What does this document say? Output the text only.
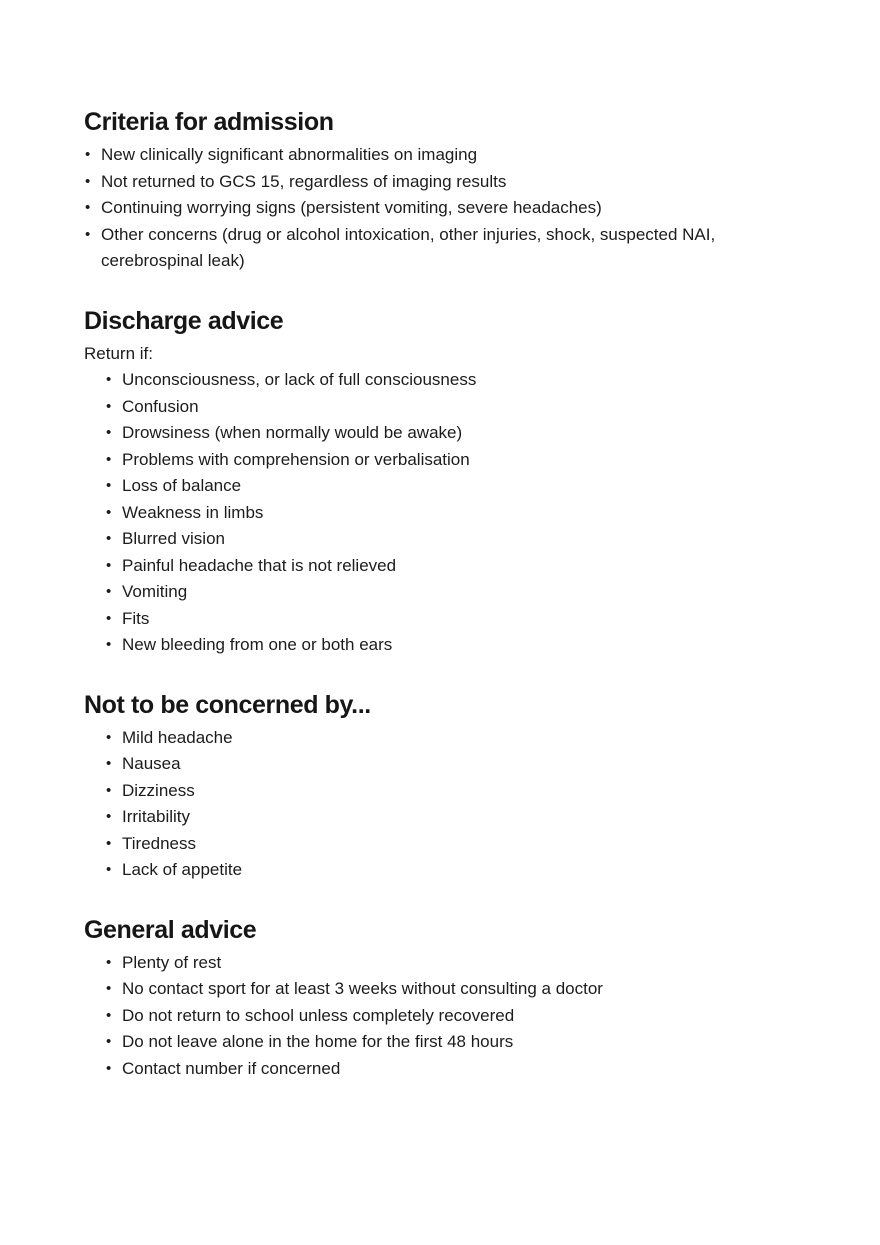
Criteria for admission
• New clinically significant abnormalities on imaging
• Not returned to GCS 15, regardless of imaging results
• Continuing worrying signs (persistent vomiting, severe headaches)
• Other concerns (drug or alcohol intoxication, other injuries, shock, suspected NAI, cerebrospinal leak)
Discharge advice

Return if:

• Unconsciousness, or lack of full consciousness
• Confusion
• Drowsiness (when normally would be awake)
• Problems with comprehension or verbalisation
• Loss of balance
• Weakness in limbs
• Blurred vision
• Painful headache that is not relieved
• Vomiting
• Fits
• New bleeding from one or both ears
Not to be concerned by...
• Mild headache
• Nausea
• Dizziness
• Irritability
• Tiredness
• Lack of appetite
General advice
• Plenty of rest
• No contact sport for at least 3 weeks without consulting a doctor
• Do not return to school unless completely recovered
• Do not leave alone in the home for the first 48 hours
• Contact number if concerned
